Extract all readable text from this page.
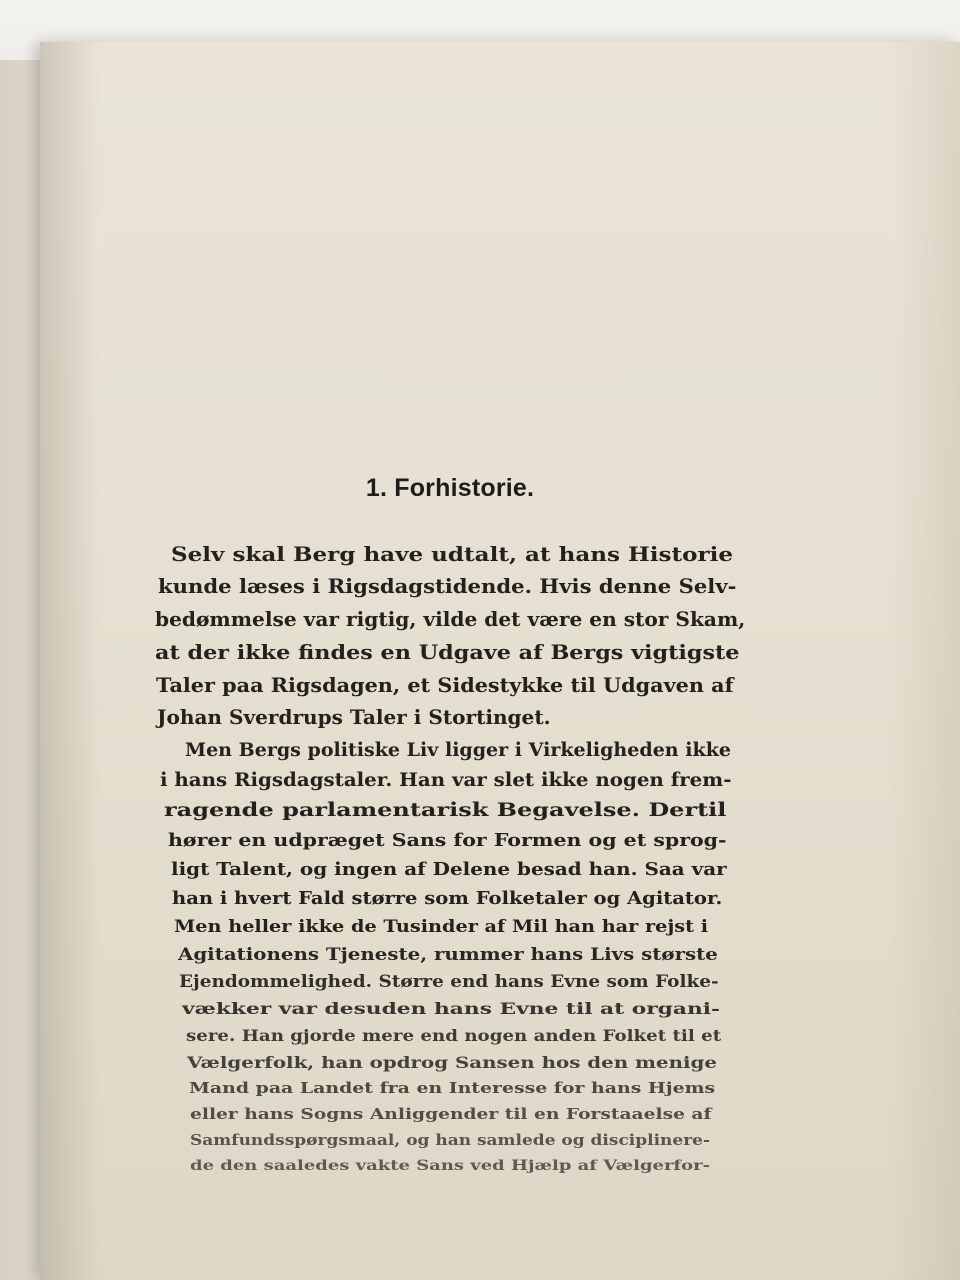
1. Forhistorie.
Selv skal Berg have udtalt, at hans Historie
kunde læses i Rigsdagstidende. Hvis denne Selv-
bedømmelse var rigtig, vilde det være en stor Skam,
at der ikke findes en Udgave af Bergs vigtigste
Taler paa Rigsdagen, et Sidestykke til Udgaven af
Johan Sverdrups Taler i Stortinget.
Men Bergs politiske Liv ligger i Virkeligheden ikke
i hans Rigsdagstaler. Han var slet ikke nogen frem-
ragende parlamentarisk Begavelse. Dertil
hører en udpræget Sans for Formen og et sprog-
ligt Talent, og ingen af Delene besad han. Saa var
han i hvert Fald større som Folketaler og Agitator.
Men heller ikke de Tusinder af Mil han har rejst i
Agitationens Tjeneste, rummer hans Livs største
Ejendommelighed. Større end hans Evne som Folke-
vækker var desuden hans Evne til at organi-
sere. Han gjorde mere end nogen anden Folket til et
Vælgerfolk, han opdrog Sansen hos den menige
Mand paa Landet fra en Interesse for hans Hjems
eller hans Sogns Anliggender til en Forstaaelse af
Samfundsspørgsmaal, og han samlede og disciplinere-
de den saaledes vakte Sans ved Hjælp af Vælgerfor-
